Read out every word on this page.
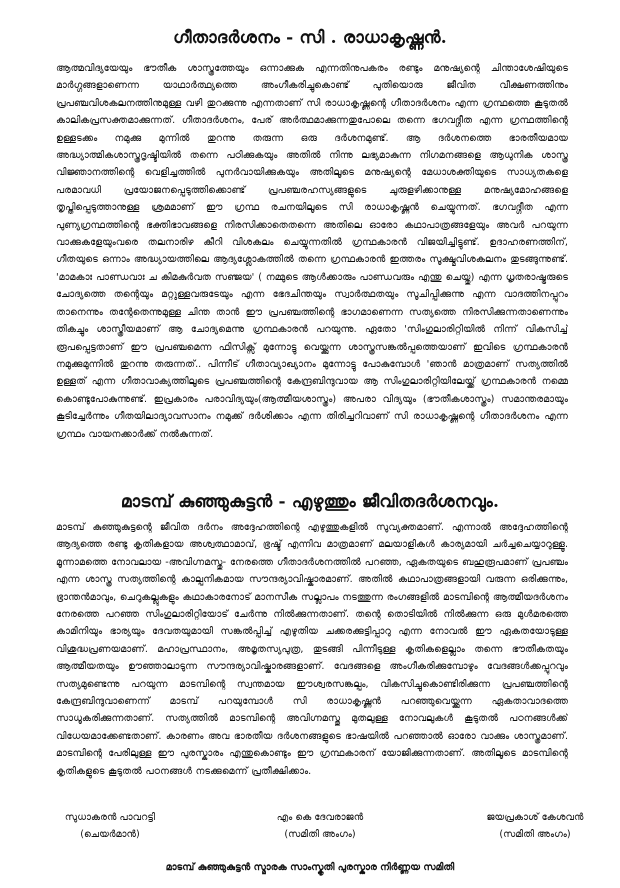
ഗീതാദർശനം - സി . രാധാകൃഷ്ണൻ.

ആത്മവിദ്യയേയും ഭൗതീക ശാസ്ത്രത്തേയും ഒന്നാക്കുക എന്നതിനുപകരം രണ്ടും മനുഷ്യന്റെ ചിന്താശേഷിയുടെ മാർഗ്ഗങ്ങളാണെന്ന യാഥാർത്ഥ്യത്തെ അംഗീകരിച്ചുകൊണ്ട് പുതിയൊരു ജീവിത വീക്ഷണത്തിനും പ്രപഞ്ചവിശകലനത്തിനുമുള്ള വഴി തുറക്കുന്നു എന്നതാണ് സി രാധാകൃഷ്ണന്റെ ഗീതാദർശനം എന്ന ഗ്രന്ഥത്തെ കൂടുതൽ കാലികപ്രസക്തമാക്കുന്നത്. ഗീതാദർശനം, പേര് അർത്ഥമാക്കുന്നതുപോലെ തന്നെ ഭഗവദ്ഗീത എന്ന ഗ്രന്ഥത്തിന്റെ ഉള്ളടക്കം നമുക്കു മുന്നിൽ തുറന്നു തരുന്ന ഒരു ദർശനമുണ്ട്. ആ ദർശനത്തെ ഭാരതീയമായ അദ്ധ്യാത്മികശാസ്ത്രദൃഷ്ടിയിൽ തന്നെ പഠിക്കുകയും അതിൽ നിന്നു ലഭ്യമാകുന്ന നിഗമനങ്ങളെ ആധുനിക ശാസ്ത്ര വിജ്ഞാനത്തിന്റെ വെളിച്ചത്തിൽ പുനർവായിക്കുകയും അതിലൂടെ മനുഷ്യന്റെ മേധാശക്തിയുടെ സാധ്യതകളെ പരമാവധി പ്രയോജനപ്പെടുത്തിക്കൊണ്ട് പ്രപഞ്ചരഹസ്യങ്ങളുടെ ചുരുളഴിക്കാനുള്ള മനുഷ്യമോഹങ്ങളെ തൃപ്തിപ്പെടുത്താനുള്ള ശ്രമമാണ് ഈ ഗ്രന്ഥ രചനയിലൂടെ സി രാധാകൃഷ്ണൻ ചെയ്യുന്നത്. ഭഗവദ്ഗീത എന്ന പുണ്യഗ്രന്ഥത്തിന്റെ ഭക്തിഭാവങ്ങളെ നിരസിക്കാതെതന്നെ അതിലെ ഓരോ കഥാപാത്രങ്ങളേയും അവർ പറയുന്ന വാക്കുകളേയുംവരെ തലനാരിഴ കീറി വിശകലം ചെയ്യുന്നതിൽ ഗ്രന്ഥകാരൻ വിജയിച്ചിട്ടുണ്ട്. ഉദാഹരണത്തിന്, ഗീതയുടെ ഒന്നാം അദ്ധ്യായത്തിലെ ആദ്യശ്ലോകത്തിൽ തന്നെ ഗ്രന്ഥകാരൻ ഇത്തരം സൂക്ഷ്മവിശകലനം തുടങ്ങുന്നുണ്ട്. 'മാമകാഃ പാണ്ഡവാഃ ച കിമകുർവത സഞ്ജയ' ( നമ്മുടെ ആൾക്കാരും പാണ്ഡവരും എന്തു ചെയ്തു) എന്ന ധൃതരാഷ്ട്രരുടെ ചോദ്യത്തെ തന്റെയും മറ്റുള്ളവരുടേയും എന്ന ഭേദചിന്തയും സ്വാർത്ഥതയും സൂചിപ്പിക്കുന്നു എന്ന വാദത്തിനപ്പുറം താനെന്നും തന്റേതെന്നുമുള്ള ചിന്ത താൻ ഈ പ്രപഞ്ചത്തിന്റെ ഭാഗമാണെന്ന സത്യത്തെ നിരസിക്കുന്നതാണെന്നും തികച്ചും ശാസ്ത്രീയമാണ് ആ ചോദ്യമെന്നു ഗ്രന്ഥകാരൻ പറയുന്നു. ഏതോ 'സിംഗുലാരിറ്റിയിൽ നിന്ന് വികസിച്ച് രൂപപ്പെട്ടതാണ് ഈ പ്രപഞ്ചമെന്ന ഫിസിക്സ് മുന്നോട്ടു വെയ്ക്കുന്ന ശാസ്ത്രസങ്കൽപ്പത്തെയാണ് ഇവിടെ ഗ്രന്ഥകാരൻ നമുക്കുമുന്നിൽ തുറന്നു തരുന്നത്.. പിന്നീട് ഗീതാവ്യാഖ്യാനം മുന്നോട്ടു പോകുമ്പോൾ 'ഞാൻ മാത്രമാണ് സത്യത്തിൽ ഉള്ളത് എന്ന ഗീതാവാക്യത്തിലൂടെ പ്രപഞ്ചത്തിന്റെ കേന്ദ്രബിന്ദുവായ ആ സിംഗുലാരിറ്റിയിലേയ്ക്ക് ഗ്രന്ഥകാരൻ നമ്മെ കൊണ്ടുപോകുന്നുണ്ട്. ഇപ്രകാരം പരാവിദ്യയും(ആത്മീയശാസ്ത്രം) അപരാ വിദ്യയും (ഭൗതീകശാസ്ത്രം) സമാന്തരമായും കൂടിച്ചേർന്നും ഗീതയിലാദ്യാവസാനം നമുക്ക് ദർശിക്കാം എന്ന തിരിച്ചറിവാണ് സി രാധാകൃഷ്ണന്റെ ഗീതാദർശനം എന്ന ഗ്രന്ഥം വായനക്കാർക്ക് നൽകുന്നത്.

മാടമ്പ് കുഞ്ഞുകുട്ടൻ - എഴുത്തും ജീവിതദർശനവും.

മാടമ്പ് കുഞ്ഞുകുട്ടന്റെ ജീവിത ദർനം അദ്ദേഹത്തിന്റെ എഴുത്തുകളിൽ സുവ്യക്തമാണ്. എന്നാൽ അദ്ദേഹത്തിന്റെ ആദ്യത്തെ രണ്ടു കൃതികളായ അശ്വത്ഥാമാവ്, ഭ്രഷ്ട് എന്നിവ മാത്രമാണ് മലയാളികൾ കാര്യമായി ചർച്ചചെയ്യാറുള്ളൂ. മൂന്നാമത്തെ നോവലായ -അവിഗ്നമസ്തു- നേരത്തെ ഗീതാദർശനത്തിൽ പറഞ്ഞ, ഏകതയുടെ ബഹുരൂപമാണ് പ്രപഞ്ചം എന്ന ശാസ്ത്ര സത്യത്തിന്റെ കാല്പനികമായ സൗന്ദര്യാവിഷ്കാരമാണ്. അതിൽ കഥാപാത്രങ്ങളായി വരുന്ന ഒരിക്കുന്നും, ഭ്രാന്തൻമാവും, ചെറുകല്ലുകളും കഥാകാരനോട് മാനസീക സല്ലാപം നടത്തുന്ന രംഗങ്ങളിൽ മാടമ്പിന്റെ ആത്മീയദർശനം നേരത്തെ പറഞ്ഞ സിംഗുലാരിറ്റിയോട് ചേർന്നു നിൽക്കുന്നതാണ്. തന്റെ തൊടിയിൽ നിൽക്കുന്ന ഒരു മുൾമരത്തെ കാമിനിയും ഭാര്യയും ദേവതയുമായി സങ്കൽപ്പിച്ച് എഴുതിയ ചക്കരക്കുട്ടിപ്പാറു എന്ന നോവൽ ഈ ഏകതയോടുള്ള വിശുദ്ധപ്രണയമാണ്. മഹാപ്രസ്ഥാനം, അമൃതസ്യപുത്ര, തുടങ്ങി പിന്നീടുള്ള കൃതികളെല്ലാം തന്നെ ഭൗതീകതയും ആത്മീയതയും ഊഞ്ഞാലാടുന്ന സൗന്ദര്യാവിഷ്കാരങ്ങളാണ്. വേദങ്ങളെ അംഗീകരിക്കുമ്പോഴും വേദങ്ങൾക്കപ്പുറവും സത്യമുണ്ടെന്നു പറയുന്ന മാടമ്പിന്റെ സ്വന്തമായ ഈശ്വരസങ്കല്പം, വികസിച്ചുകൊണ്ടിരിക്കുന്ന പ്രപഞ്ചത്തിന്റെ കേന്ദ്രബിന്ദുവാണെന്ന് മാടമ്പ് പറയുമ്പോൾ സി രാധാകൃഷ്ണൻ പറഞ്ഞുവെയ്ക്കുന്ന ഏകതാവാദത്തെ സാധൂകരിക്കുന്നതാണ്. സത്യത്തിൽ മാടമ്പിന്റെ അവിഗ്നമസ്തു മുതലുള്ള നോവലുകൾ കൂടുതൽ പഠനങ്ങൾക്ക് വിധേയമാക്കേണ്ടതാണ്. കാരണം അവ ഭാരതീയ ദർശനങ്ങളുടെ ഭാഷയിൽ പറഞ്ഞാൽ ഓരോ വാക്കും ശാസ്ത്രമാണ്. മാടമ്പിന്റെ പേരിലുള്ള ഈ പുരസ്കാരം എന്തുകൊണ്ടും ഈ ഗ്രന്ഥകാരന് യോജിക്കുന്നതാണ്. അതിലൂടെ മാടമ്പിന്റെ കൃതികളുടെ കൂടുതൽ പഠനങ്ങൾ നടക്കുമെന്ന് പ്രതീക്ഷിക്കാം.

സുധാകരൻ പാവറട്ടി
(ചെയർമാൻ)
എം കെ ദേവരാജൻ
(സമിതി അംഗം)
ജയപ്രകാശ് കേശവൻ
(സമിതി അംഗം)
മാടമ്പ് കുഞ്ഞുകുട്ടൻ സ്മാരക സാംസ്കൃതി പുരസ്കാര നിർണ്ണയ സമിതി
